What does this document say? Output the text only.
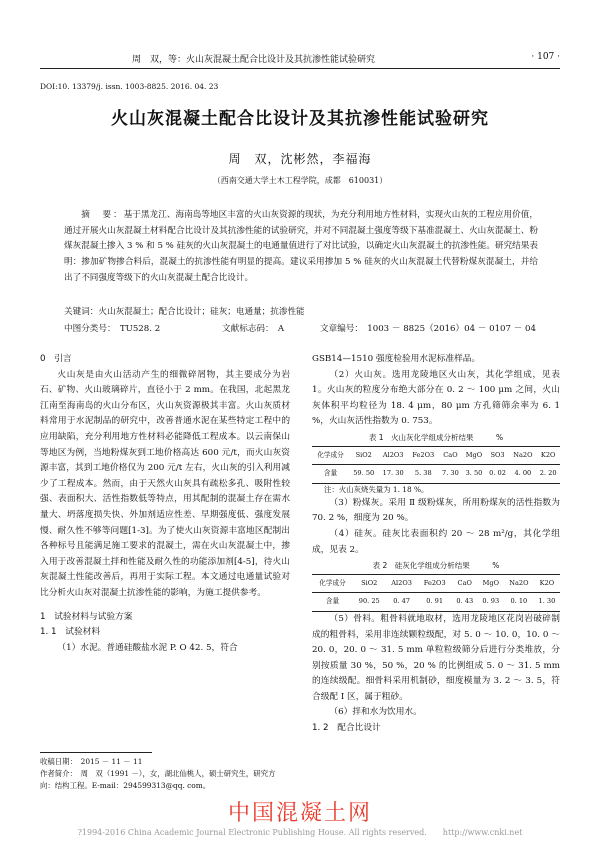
周　双，等：火山灰混凝土配合比设计及其抗渗性能试验研究	· 107 ·
DOI:10. 13379/j. issn. 1003-8825. 2016. 04. 23
火山灰混凝土配合比设计及其抗渗性能试验研究
周　双，沈彬然，李福海
（西南交通大学土木工程学院，成都　610031）
摘　要：基于黑龙江、海南岛等地区丰富的火山灰资源的现状，为充分利用地方性材料，实现火山灰的工程应用价值，通过开展火山灰混凝土材料配合比设计及其抗渗性能的试验研究，并对不同混凝土强度等级下基准混凝土、火山灰混凝土、粉煤灰混凝土掺入 3 % 和 5 % 硅灰的火山灰混凝土的电通量值进行了对比试验，以确定火山灰混凝土的抗渗性能。研究结果表明：掺加矿物掺合料后，混凝土的抗渗性能有明显的提高。建议采用掺加 5 % 硅灰的火山灰混凝土代替粉煤灰混凝土，并给出了不同强度等级下的火山灰混凝土配合比设计。
关键词：火山灰混凝土；配合比设计；硅灰；电通量；抗渗性能
中图分类号：　TU528. 2	文献标志码：　A	文章编号：　1003 － 8825（2016）04 － 0107 － 04

0　引言

火山灰是由火山活动产生的细微碎屑物，其主要成分为岩石、矿物、火山玻璃碎片，直径小于 2 mm。在我国，北起黑龙江南至海南岛的火山分布区，火山灰资源极其丰富。火山灰质材料常用于水泥制品的研究中，改善普通水泥在某些特定工程中的应用缺陷，充分利用地方性材料必能降低工程成本。以云南保山等地区为例，当地粉煤灰到工地价格高达 600 元/t，而火山灰资源丰富，其到工地价格仅为 200 元/t 左右，火山灰的引入利用减少了工程成本。然而，由于天然火山灰具有疏松多孔、吸附性较强、表面积大、活性指数低等特点，用其配制的混凝土存在需水量大、坍落度损失快、外加剂适应性差、早期强度低、强度发展慢、耐久性不够等问题[1-3]。为了使火山灰资源丰富地区配制出各种标号且能满足施工要求的混凝土，需在火山灰混凝土中，掺入用于改善混凝土拌和性能及耐久性的功能添加剂[4-5]，待火山灰混凝土性能改善后，再用于实际工程。本文通过电通量试验对比分析火山灰对混凝土抗渗性能的影响，为施工提供参考。

1　试验材料与试验方案

1. 1　试验材料

（1）水泥。普通硅酸盐水泥 P. O 42. 5，符合

收稿日期：　2015 － 11 － 11
作者简介：　周　双（1991 －），女，湖北仙桃人，硕士研究生，研究方向：结构工程。E-mail：294599313@qq. com。

GSB14—1510 强度检验用水泥标准样品。

（2）火山灰。选用龙陵地区火山灰，其化学组成，见表 1。火山灰的粒度分布绝大部分在 0. 2 ～ 100 μm 之间，火山灰体积平均粒径为 18. 4 μm，80 μm 方孔筛筛余率为 6. 1 %，火山灰活性指数为 0. 753。

表 1　火山灰化学组成分析结果　　　%
化学成分	SiO2	Al2O3	Fe2O3	CaO	MgO	SO3	Na2O	K2O
含量	59. 50	17. 30	5. 38	7. 30	3. 50	0. 02	4. 00	2. 20
注：火山灰烧失量为 1. 18 %。

（3）粉煤灰。采用 Ⅱ 级粉煤灰，所用粉煤灰的活性指数为 70. 2 %，细度为 20 %。

（4）硅灰。硅灰比表面积约 20 ～ 28 m²/g，其化学组成，见表 2。

表 2　硅灰化学组成分析结果　　　%
化学成分	SiO2	Al2O3	Fe2O3	CaO	MgO	Na2O	K2O
含量	90. 25	0. 47	0. 91	0. 43	0. 93	0. 10	1. 30

（5）骨料。粗骨料就地取材，选用龙陵地区花岗岩破碎制成的粗骨料，采用非连续颗粒级配，对 5. 0 ～ 10. 0，10. 0 ～ 20. 0，20. 0 ～ 31. 5 mm 单粒粒级筛分后进行分类堆放，分别按质量 30 %，50 %，20 % 的比例组成 5. 0 ～ 31. 5 mm 的连续级配。细骨料采用机制砂，细度模量为 3. 2 ～ 3. 5，符合级配 Ⅰ 区，属于粗砂。

（6）拌和水为饮用水。

1. 2　配合比设计

中国混凝土网
?1994-2016 China Academic Journal Electronic Publishing House. All rights reserved.　　http://www.cnki.net
